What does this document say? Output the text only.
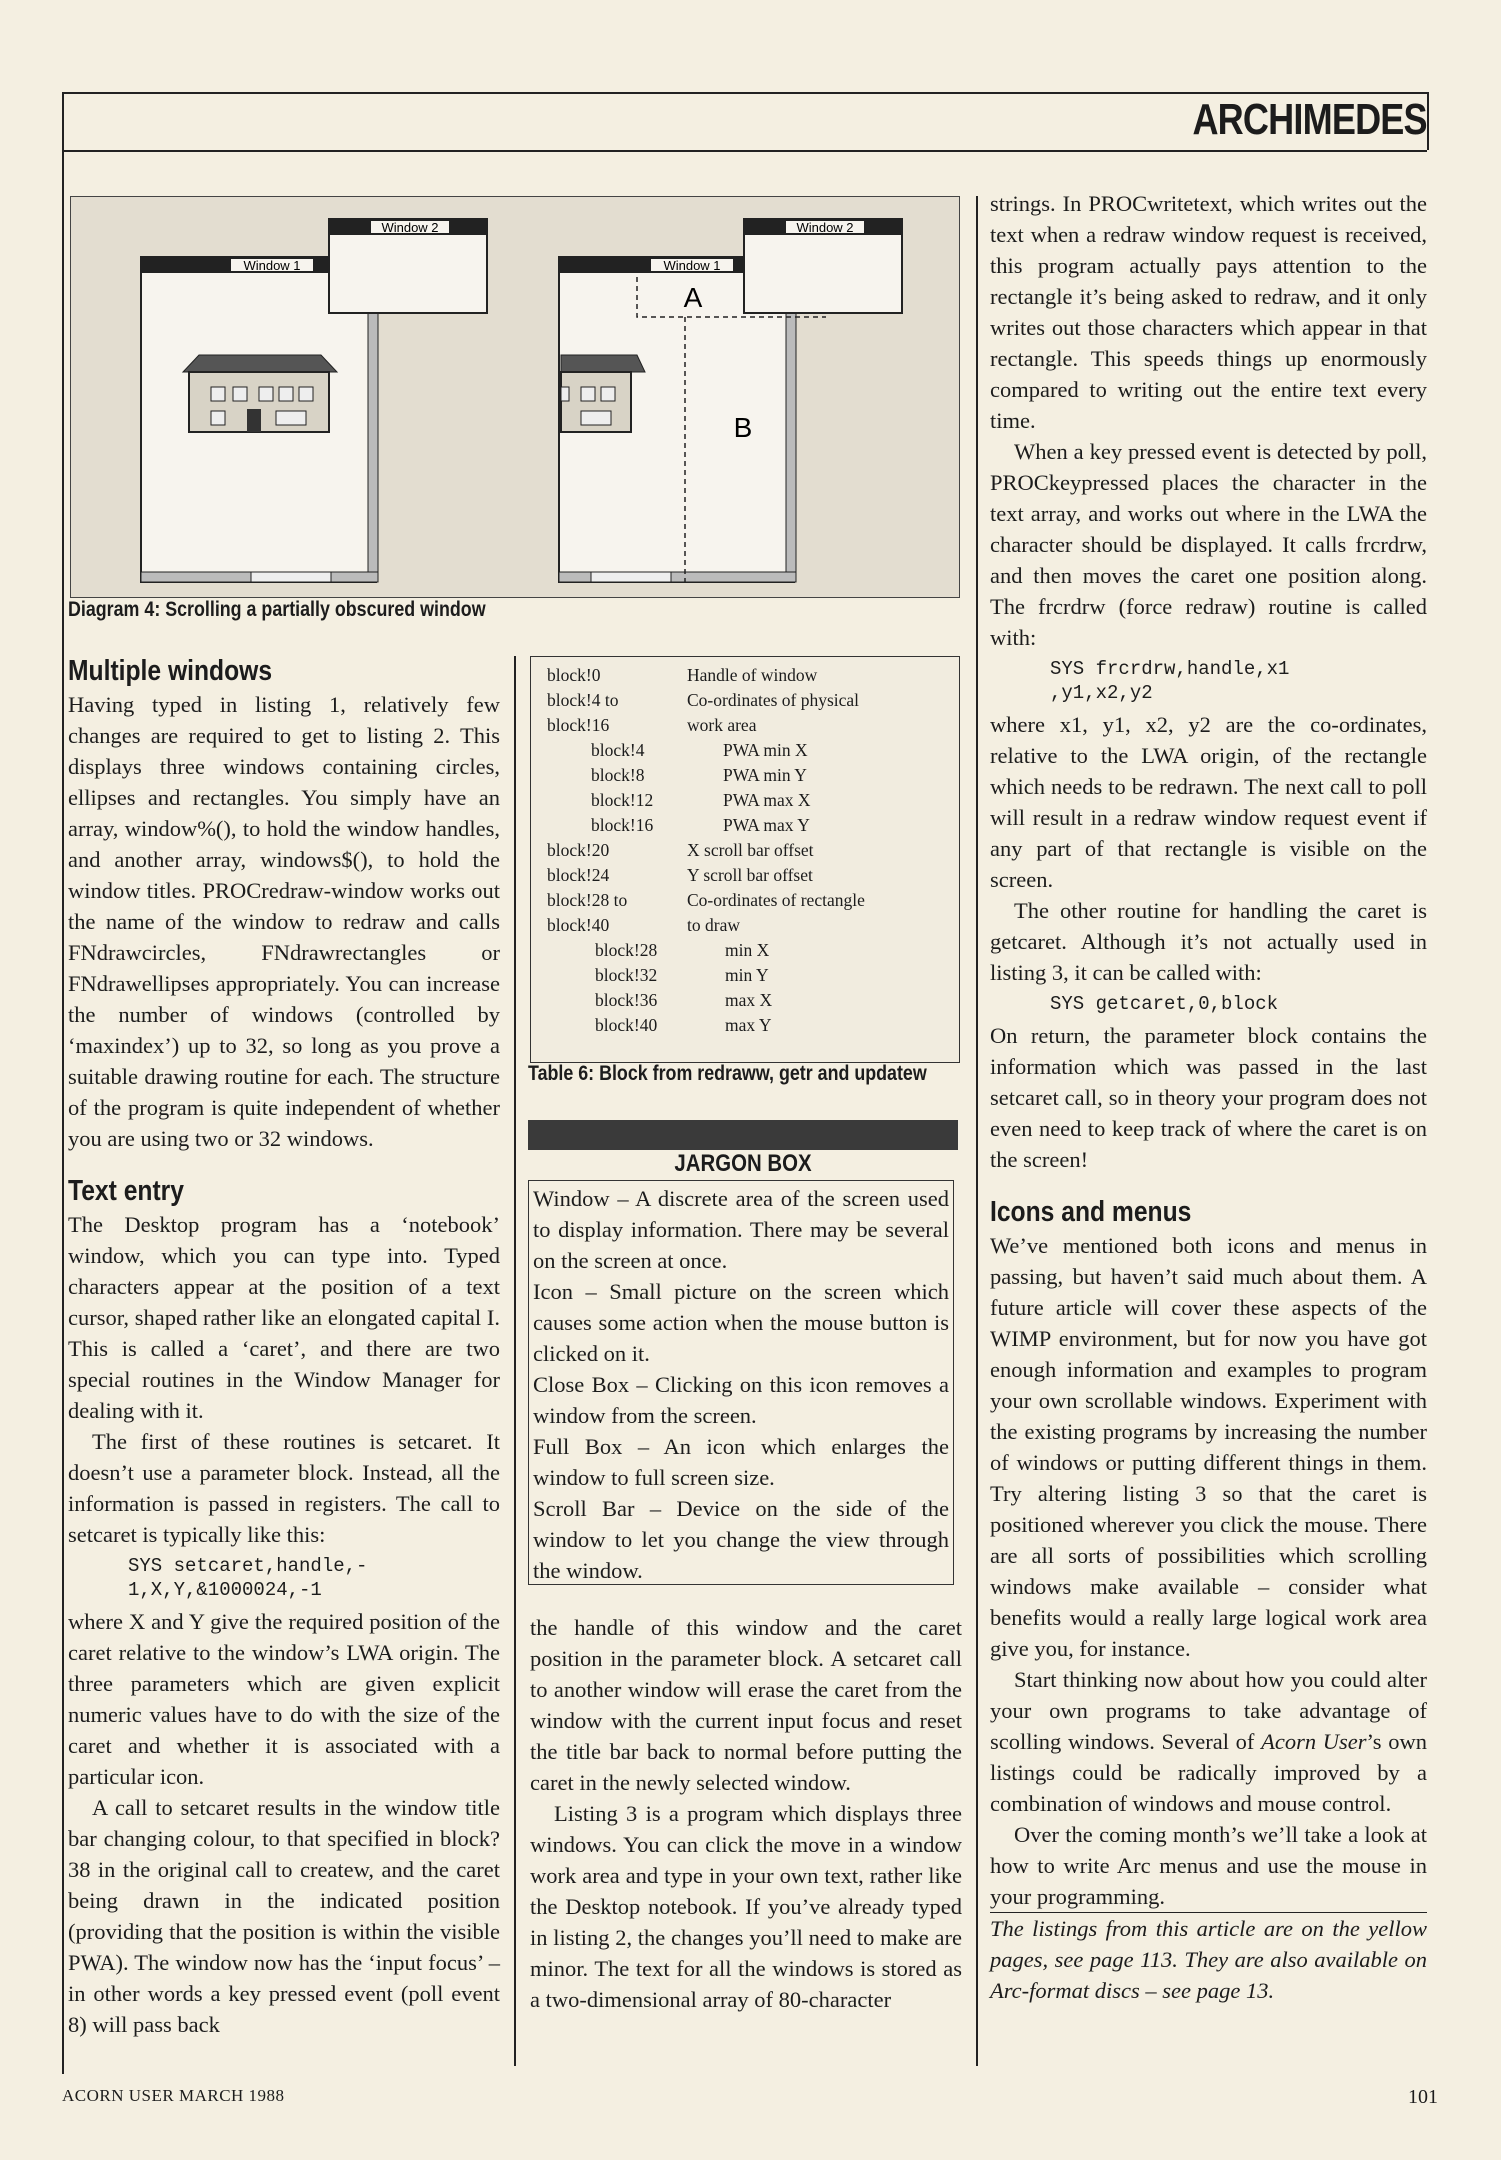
ARCHIMEDES
Window 1
Window 2
Window 1
A
B
Window 2
Diagram 4: Scrolling a partially obscured window
Multiple windows

Having typed in listing 1, relatively few changes are required to get to listing 2. This displays three windows containing circles, ellipses and rectangles. You simply have an array, window%(), to hold the window handles, and another array, windows$(), to hold the window titles. PROCredraw-window works out the name of the window to redraw and calls FNdrawcircles, FNdrawrectangles or FNdrawellipses appropriately. You can increase the number of windows (controlled by ‘maxindex’) up to 32, so long as you prove a suitable drawing routine for each. The structure of the program is quite independent of whether you are using two or 32 windows.

Text entry

The Desktop program has a ‘notebook’ window, which you can type into. Typed characters appear at the position of a text cursor, shaped rather like an elongated capital I. This is called a ‘caret’, and there are two special routines in the Window Manager for dealing with it.

The first of these routines is setcaret. It doesn’t use a parameter block. Instead, all the information is passed in registers. The call to setcaret is typically like this:

SYS setcaret,handle,-
1,X,Y,&1000024,-1

where X and Y give the required position of the caret relative to the window’s LWA origin. The three parameters which are given explicit numeric values have to do with the size of the caret and whether it is associated with a particular icon.

A call to setcaret results in the window title bar changing colour, to that specified in block?38 in the original call to createw, and the caret being drawn in the indicated position (providing that the position is within the visible PWA). The window now has the ‘input focus’ – in other words a key pressed event (poll event 8) will pass back

block!0	Handle of window
block!4 to	Co-ordinates of physical
block!16	work area
block!4	PWA min X
block!8	PWA min Y
block!12	PWA max X
block!16	PWA max Y
block!20	X scroll bar offset
block!24	Y scroll bar offset
block!28 to	Co-ordinates of rectangle
block!40	to draw
block!28	min X
block!32	min Y
block!36	max X
block!40	max Y
Table 6: Block from redraww, getr and updatew
JARGON BOX
Window – A discrete area of the screen used to display information. There may be several on the screen at once.
Icon – Small picture on the screen which causes some action when the mouse button is clicked on it.
Close Box – Clicking on this icon removes a window from the screen.
Full Box – An icon which enlarges the window to full screen size.
Scroll Bar – Device on the side of the window to let you change the view through the window.

the handle of this window and the caret position in the parameter block. A setcaret call to another window will erase the caret from the window with the current input focus and reset the title bar back to normal before putting the caret in the newly selected window.

Listing 3 is a program which displays three windows. You can click the move in a window work area and type in your own text, rather like the Desktop notebook. If you’ve already typed in listing 2, the changes you’ll need to make are minor. The text for all the windows is stored as a two-dimensional array of 80-character

strings. In PROCwritetext, which writes out the text when a redraw window request is received, this program actually pays attention to the rectangle it’s being asked to redraw, and it only writes out those characters which appear in that rectangle. This speeds things up enormously compared to writing out the entire text every time.

When a key pressed event is detected by poll, PROCkeypressed places the character in the text array, and works out where in the LWA the character should be displayed. It calls frcrdrw, and then moves the caret one position along. The frcrdrw (force redraw) routine is called with:

SYS frcrdrw,handle,x1
,y1,x2,y2

where x1, y1, x2, y2 are the co-ordinates, relative to the LWA origin, of the rectangle which needs to be redrawn. The next call to poll will result in a redraw window request event if any part of that rectangle is visible on the screen.

The other routine for handling the caret is getcaret. Although it’s not actually used in listing 3, it can be called with:

SYS getcaret,0,block

On return, the parameter block contains the information which was passed in the last setcaret call, so in theory your program does not even need to keep track of where the caret is on the screen!

Icons and menus

We’ve mentioned both icons and menus in passing, but haven’t said much about them. A future article will cover these aspects of the WIMP environment, but for now you have got enough information and examples to program your own scrollable windows. Experiment with the existing programs by increasing the number of windows or putting different things in them. Try altering listing 3 so that the caret is positioned wherever you click the mouse. There are all sorts of possibilities which scrolling windows make available – consider what benefits would a really large logical work area give you, for instance.

Start thinking now about how you could alter your own programs to take advantage of scolling windows. Several of Acorn User’s own listings could be radically improved by a combination of windows and mouse control.

Over the coming month’s we’ll take a look at how to write Arc menus and use the mouse in your programming.

The listings from this article are on the yellow pages, see page 113. They are also available on Arc-format discs – see page 13.

ACORN USER MARCH 1988	101
